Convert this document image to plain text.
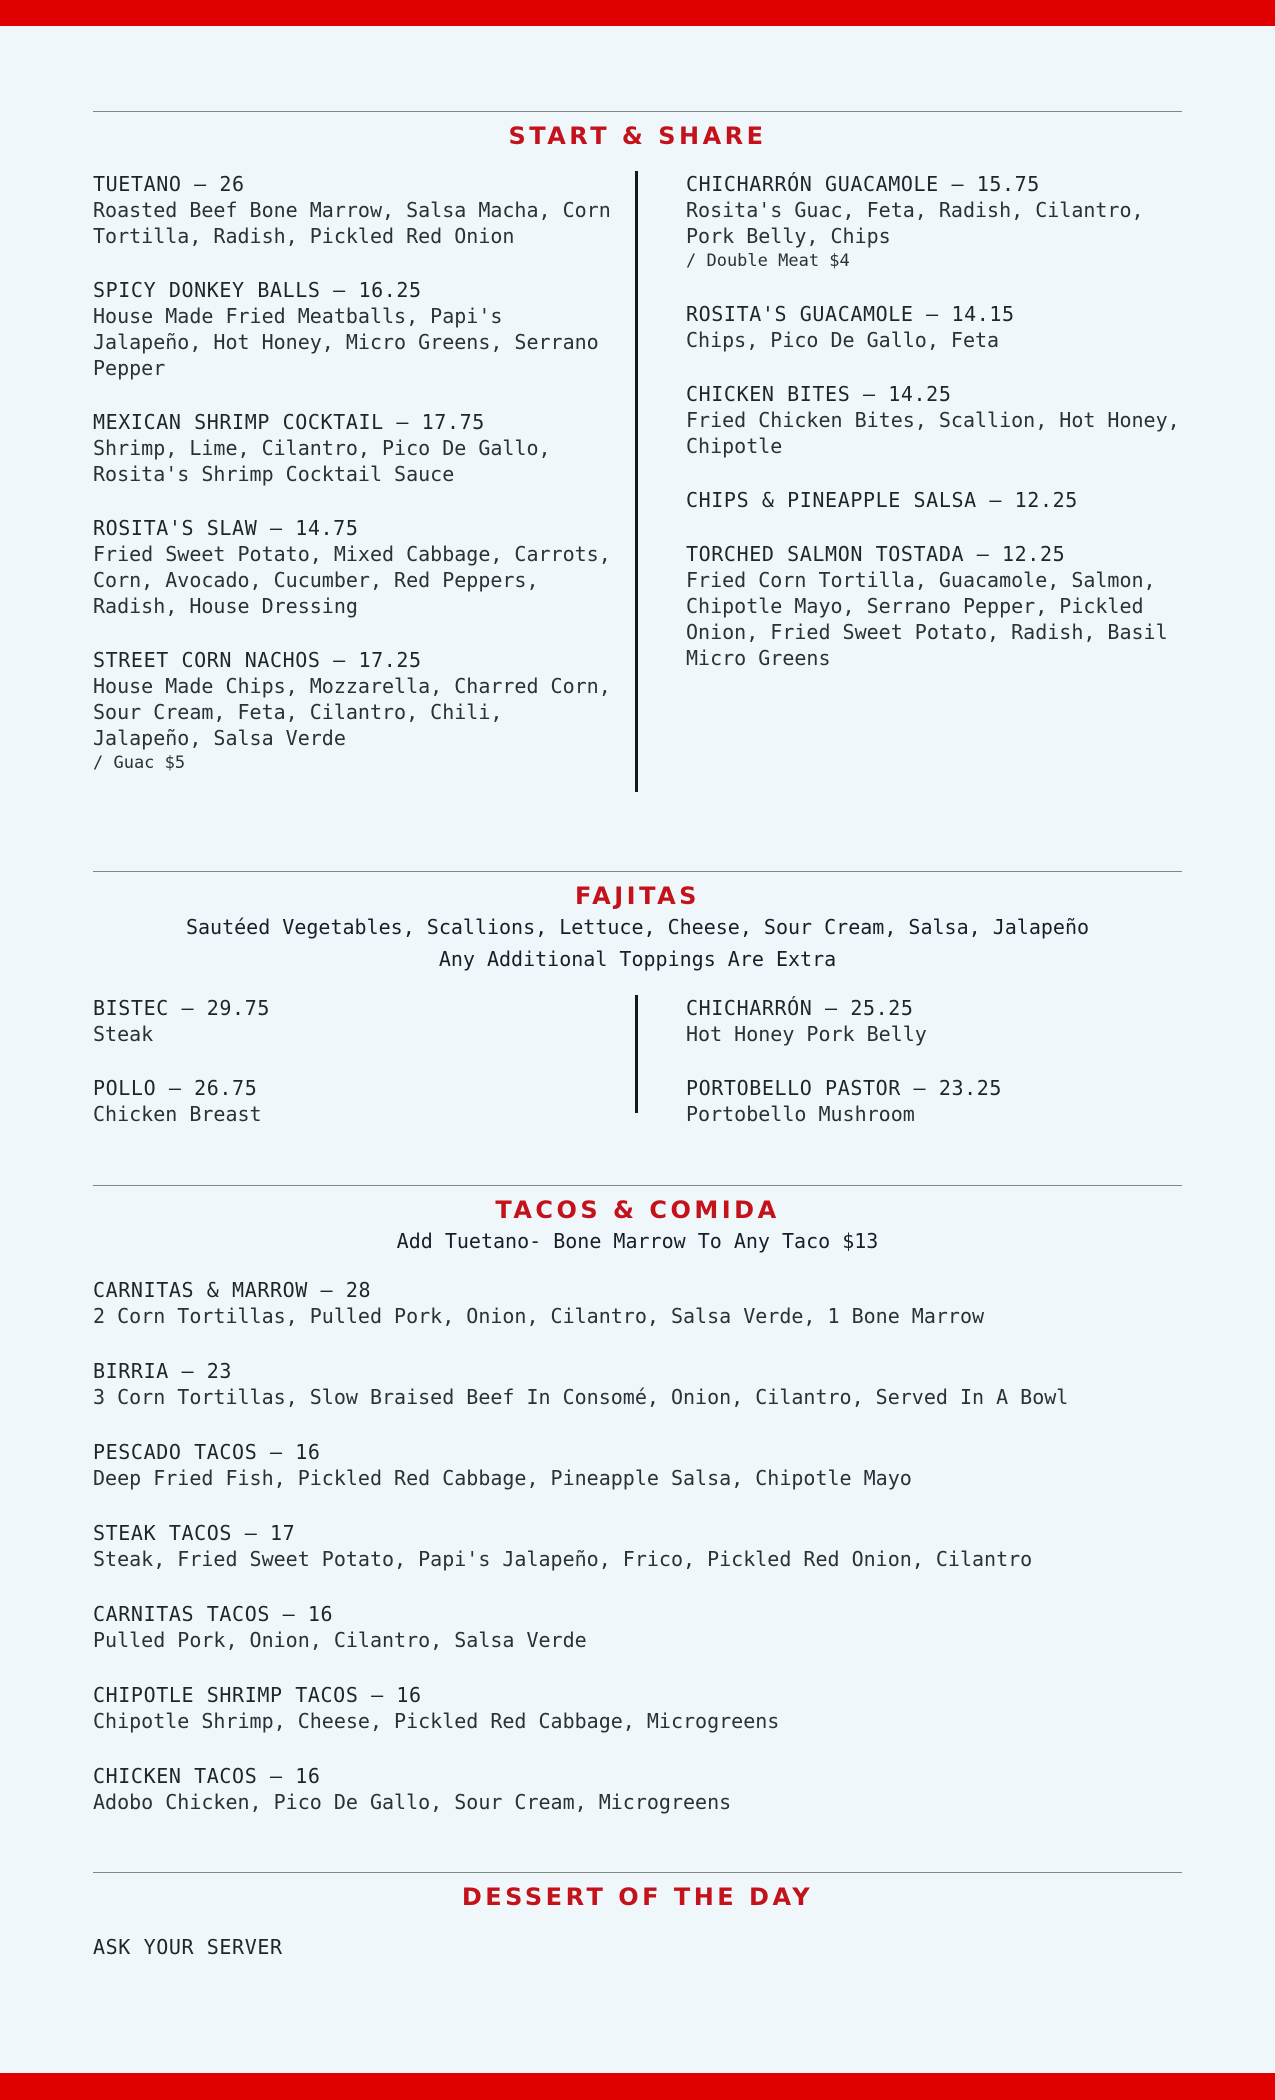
START & SHARE
TUETANO – 26
Roasted Beef Bone Marrow, Salsa Macha, Corn Tortilla, Radish, Pickled Red Onion
SPICY DONKEY BALLS – 16.25
House Made Fried Meatballs, Papi's Jalapeño, Hot Honey, Micro Greens, Serrano Pepper
MEXICAN SHRIMP COCKTAIL – 17.75
Shrimp, Lime, Cilantro, Pico De Gallo, Rosita's Shrimp Cocktail Sauce
ROSITA'S SLAW – 14.75
Fried Sweet Potato, Mixed Cabbage, Carrots, Corn, Avocado, Cucumber, Red Peppers, Radish, House Dressing
STREET CORN NACHOS – 17.25
House Made Chips, Mozzarella, Charred Corn, Sour Cream, Feta, Cilantro, Chili, Jalapeño, Salsa Verde
/ Guac $5
CHICHARRÓN GUACAMOLE – 15.75
Rosita's Guac, Feta, Radish, Cilantro, Pork Belly, Chips
/ Double Meat $4
ROSITA'S GUACAMOLE – 14.15
Chips, Pico De Gallo, Feta
CHICKEN BITES – 14.25
Fried Chicken Bites, Scallion, Hot Honey, Chipotle
CHIPS & PINEAPPLE SALSA – 12.25
TORCHED SALMON TOSTADA – 12.25
Fried Corn Tortilla, Guacamole, Salmon, Chipotle Mayo, Serrano Pepper, Pickled Onion, Fried Sweet Potato, Radish, Basil Micro Greens
FAJITAS
Sautéed Vegetables, Scallions, Lettuce, Cheese, Sour Cream, Salsa, Jalapeño
Any Additional Toppings Are Extra
BISTEC – 29.75
Steak
POLLO – 26.75
Chicken Breast
CHICHARRÓN – 25.25
Hot Honey Pork Belly
PORTOBELLO PASTOR – 23.25
Portobello Mushroom
TACOS & COMIDA
Add Tuetano- Bone Marrow To Any Taco $13
CARNITAS & MARROW – 28
2 Corn Tortillas, Pulled Pork, Onion, Cilantro, Salsa Verde, 1 Bone Marrow
BIRRIA – 23
3 Corn Tortillas, Slow Braised Beef In Consomé, Onion, Cilantro, Served In A Bowl
PESCADO TACOS – 16
Deep Fried Fish, Pickled Red Cabbage, Pineapple Salsa, Chipotle Mayo
STEAK TACOS – 17
Steak, Fried Sweet Potato, Papi's Jalapeño, Frico, Pickled Red Onion, Cilantro
CARNITAS TACOS – 16
Pulled Pork, Onion, Cilantro, Salsa Verde
CHIPOTLE SHRIMP TACOS – 16
Chipotle Shrimp, Cheese, Pickled Red Cabbage, Microgreens
CHICKEN TACOS – 16
Adobo Chicken, Pico De Gallo, Sour Cream, Microgreens
DESSERT OF THE DAY
ASK YOUR SERVER
